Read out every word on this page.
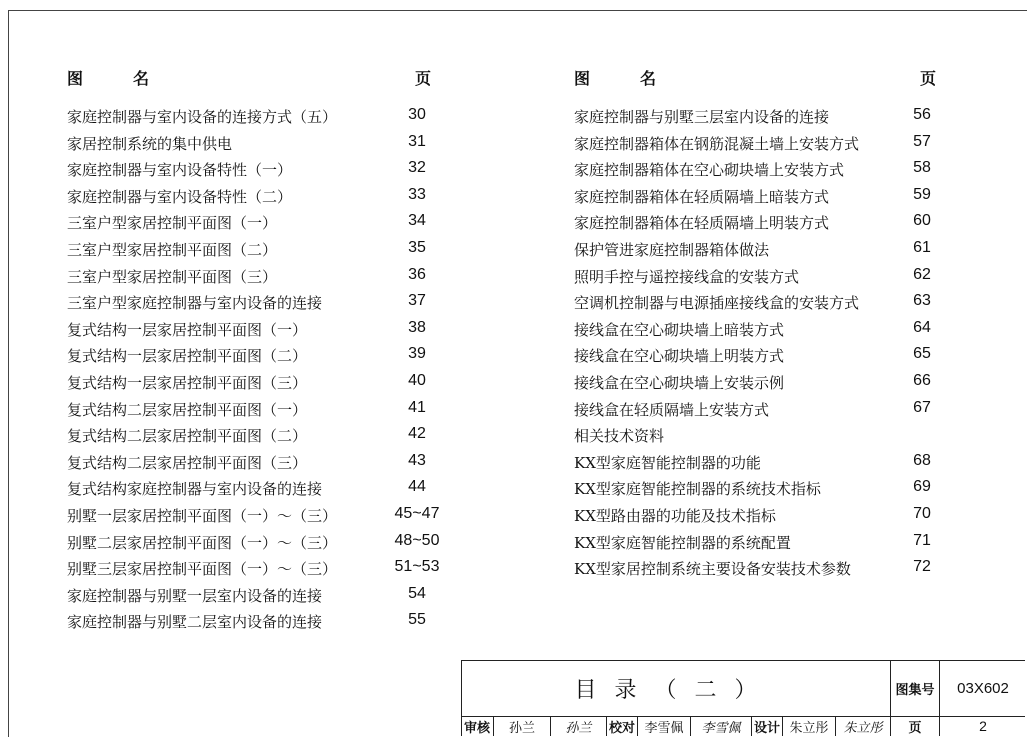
图名	页
家庭控制器与室内设备的连接方式（五）	30
家居控制系统的集中供电	31
家庭控制器与室内设备特性（一）	32
家庭控制器与室内设备特性（二）	33
三室户型家居控制平面图（一）	34
三室户型家居控制平面图（二）	35
三室户型家居控制平面图（三）	36
三室户型家庭控制器与室内设备的连接	37
复式结构一层家居控制平面图（一）	38
复式结构一层家居控制平面图（二）	39
复式结构一层家居控制平面图（三）	40
复式结构二层家居控制平面图（一）	41
复式结构二层家居控制平面图（二）	42
复式结构二层家居控制平面图（三）	43
复式结构家庭控制器与室内设备的连接	44
别墅一层家居控制平面图（一）～（三）	45~47
别墅二层家居控制平面图（一）～（三）	48~50
别墅三层家居控制平面图（一）～（三）	51~53
家庭控制器与别墅一层室内设备的连接	54
家庭控制器与别墅二层室内设备的连接	55
图名	页
家庭控制器与别墅三层室内设备的连接	56
家庭控制器箱体在钢筋混凝土墙上安装方式	57
家庭控制器箱体在空心砌块墙上安装方式	58
家庭控制器箱体在轻质隔墙上暗装方式	59
家庭控制器箱体在轻质隔墙上明装方式	60
保护管进家庭控制器箱体做法	61
照明手控与遥控接线盒的安装方式	62
空调机控制器与电源插座接线盒的安装方式	63
接线盒在空心砌块墙上暗装方式	64
接线盒在空心砌块墙上明装方式	65
接线盒在空心砌块墙上安装示例	66
接线盒在轻质隔墙上安装方式	67
相关技术资料
KX型家庭智能控制器的功能	68
KX型家庭智能控制器的系统技术指标	69
KX型路由器的功能及技术指标	70
KX型家庭智能控制器的系统配置	71
KX型家居控制系统主要设备安装技术参数	72
目录（二）	图集号	03X602
审核	孙兰	孙兰	校对 李雪佩	李雪佩	设计 朱立彤	朱立彤	页	2
